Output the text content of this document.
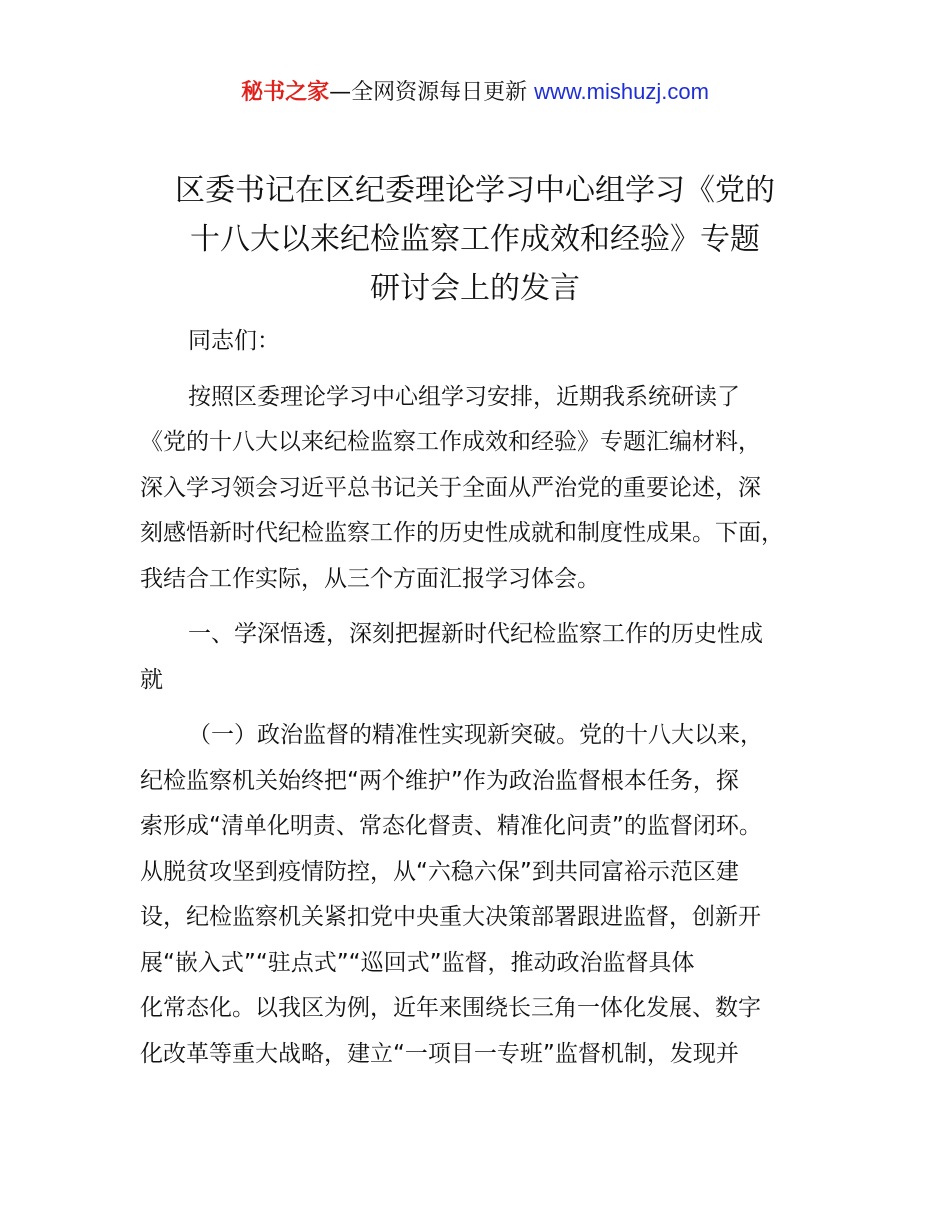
秘书之家—全网资源每日更新 www.mishuzj.com
区委书记在区纪委理论学习中心组学习《党的
十八大以来纪检监察工作成效和经验》专题
研讨会上的发言

同志们：

按照区委理论学习中心组学习安排，近期我系统研读了
《党的十八大以来纪检监察工作成效和经验》专题汇编材料，
深入学习领会习近平总书记关于全面从严治党的重要论述，深
刻感悟新时代纪检监察工作的历史性成就和制度性成果。下面，
我结合工作实际，从三个方面汇报学习体会。

一、学深悟透，深刻把握新时代纪检监察工作的历史性成
就

（一）政治监督的精准性实现新突破。党的十八大以来，
纪检监察机关始终把“两个维护”作为政治监督根本任务，探
索形成“清单化明责、常态化督责、精准化问责”的监督闭环。
从脱贫攻坚到疫情防控，从“六稳六保”到共同富裕示范区建
设，纪检监察机关紧扣党中央重大决策部署跟进监督，创新开
展“嵌入式”“驻点式”“巡回式”监督，推动政治监督具体
化常态化。以我区为例，近年来围绕长三角一体化发展、数字
化改革等重大战略，建立“一项目一专班”监督机制，发现并
